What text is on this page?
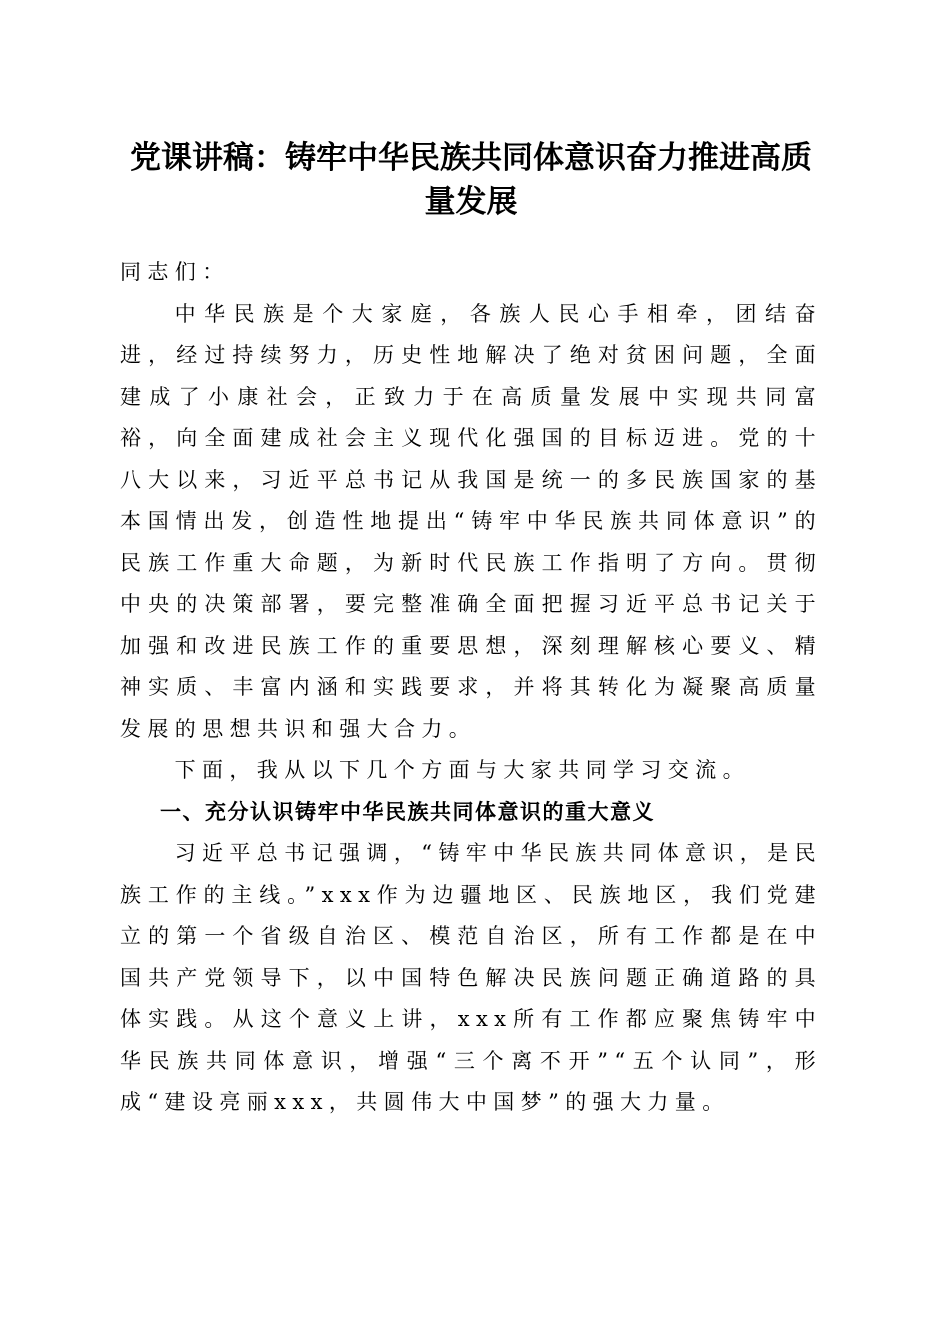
党课讲稿：铸牢中华民族共同体意识奋力推进高质量发展

同志们：

中华民族是个大家庭，各族人民心手相牵，团结奋进，经过持续努力，历史性地解决了绝对贫困问题，全面建成了小康社会，正致力于在高质量发展中实现共同富裕，向全面建成社会主义现代化强国的目标迈进。党的十八大以来，习近平总书记从我国是统一的多民族国家的基本国情出发，创造性地提出“铸牢中华民族共同体意识”的民族工作重大命题，为新时代民族工作指明了方向。贯彻中央的决策部署，要完整准确全面把握习近平总书记关于加强和改进民族工作的重要思想，深刻理解核心要义、精神实质、丰富内涵和实践要求，并将其转化为凝聚高质量发展的思想共识和强大合力。

下面，我从以下几个方面与大家共同学习交流。

一、充分认识铸牢中华民族共同体意识的重大意义

习近平总书记强调，“铸牢中华民族共同体意识，是民族工作的主线。”xxx作为边疆地区、民族地区，我们党建立的第一个省级自治区、模范自治区，所有工作都是在中国共产党领导下，以中国特色解决民族问题正确道路的具体实践。从这个意义上讲，xxx所有工作都应聚焦铸牢中华民族共同体意识，增强“三个离不开”“五个认同”，形成“建设亮丽xxx，共圆伟大中国梦”的强大力量。
